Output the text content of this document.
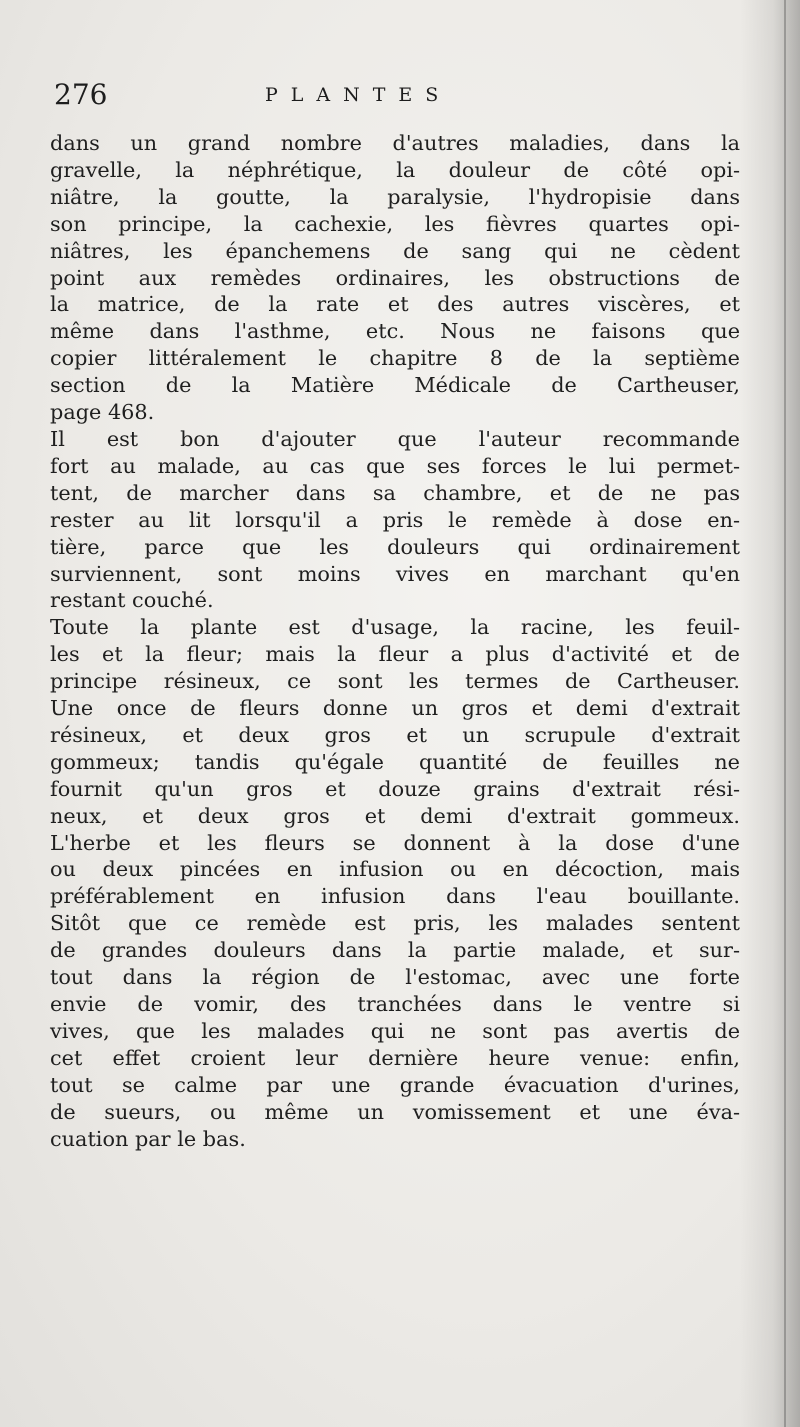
276	PLANTES
dans un grand nombre d'autres maladies, dans la
gravelle, la néphrétique, la douleur de côté opi-
niâtre, la goutte, la paralysie, l'hydropisie dans
son principe, la cachexie, les fièvres quartes opi-
niâtres, les épanchemens de sang qui ne cèdent
point aux remèdes ordinaires, les obstructions de
la matrice, de la rate et des autres viscères, et
même dans l'asthme, etc. Nous ne faisons que
copier littéralement le chapitre 8 de la septième
section de la Matière Médicale de Cartheuser,
page 468.
Il est bon d'ajouter que l'auteur recommande
fort au malade, au cas que ses forces le lui permet-
tent, de marcher dans sa chambre, et de ne pas
rester au lit lorsqu'il a pris le remède à dose en-
tière, parce que les douleurs qui ordinairement
surviennent, sont moins vives en marchant qu'en
restant couché.
Toute la plante est d'usage, la racine, les feuil-
les et la fleur; mais la fleur a plus d'activité et de
principe résineux, ce sont les termes de Cartheuser.
Une once de fleurs donne un gros et demi d'extrait
résineux, et deux gros et un scrupule d'extrait
gommeux; tandis qu'égale quantité de feuilles ne
fournit qu'un gros et douze grains d'extrait rési-
neux, et deux gros et demi d'extrait gommeux.
L'herbe et les fleurs se donnent à la dose d'une
ou deux pincées en infusion ou en décoction, mais
préférablement en infusion dans l'eau bouillante.
Sitôt que ce remède est pris, les malades sentent
de grandes douleurs dans la partie malade, et sur-
tout dans la région de l'estomac, avec une forte
envie de vomir, des tranchées dans le ventre si
vives, que les malades qui ne sont pas avertis de
cet effet croient leur dernière heure venue: enfin,
tout se calme par une grande évacuation d'urines,
de sueurs, ou même un vomissement et une éva-
cuation par le bas.
